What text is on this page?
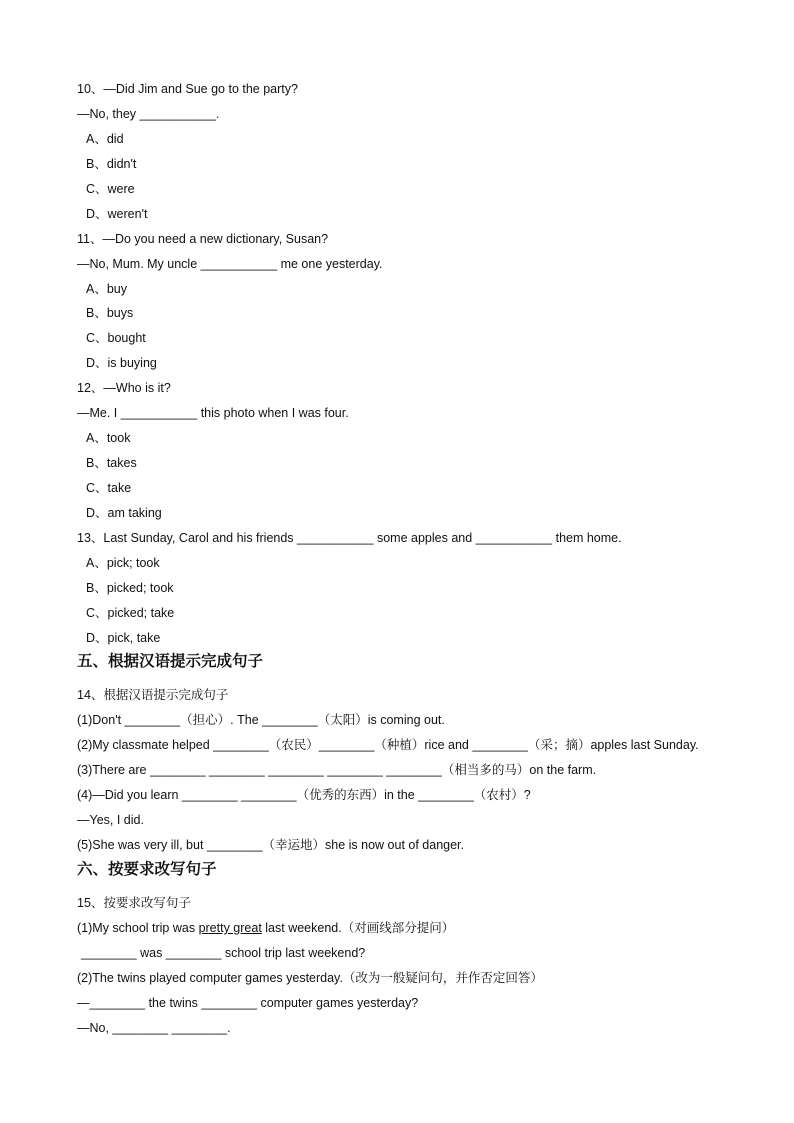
10、—Did Jim and Sue go to the party?
—No, they ___________.
A、did
B、didn't
C、were
D、weren't
11、—Do you need a new dictionary, Susan?
—No, Mum. My uncle ___________ me one yesterday.
A、buy
B、buys
C、bought
D、is buying
12、—Who is it?
—Me. I ___________ this photo when I was four.
A、took
B、takes
C、take
D、am taking
13、Last Sunday, Carol and his friends ___________ some apples and ___________ them home.
A、pick; took
B、picked; took
C、picked; take
D、pick, take
五、根据汉语提示完成句子
14、根据汉语提示完成句子
(1)Don't ________（担心）. The ________（太阳）is coming out.
(2)My classmate helped ________（农民）________（种植）rice and ________（采；摘）apples last Sunday.
(3)There are ________ ________ ________ ________ ________（相当多的马）on the farm.
(4)—Did you learn ________ ________（优秀的东西）in the ________（农村）?
—Yes, I did.
(5)She was very ill, but ________（幸运地）she is now out of danger.
六、按要求改写句子
15、按要求改写句子
(1)My school trip was pretty great last weekend.（对画线部分提问）
________ was ________ school trip last weekend?
(2)The twins played computer games yesterday.（改为一般疑问句，并作否定回答）
—________ the twins ________ computer games yesterday?
—No, ________ ________.
